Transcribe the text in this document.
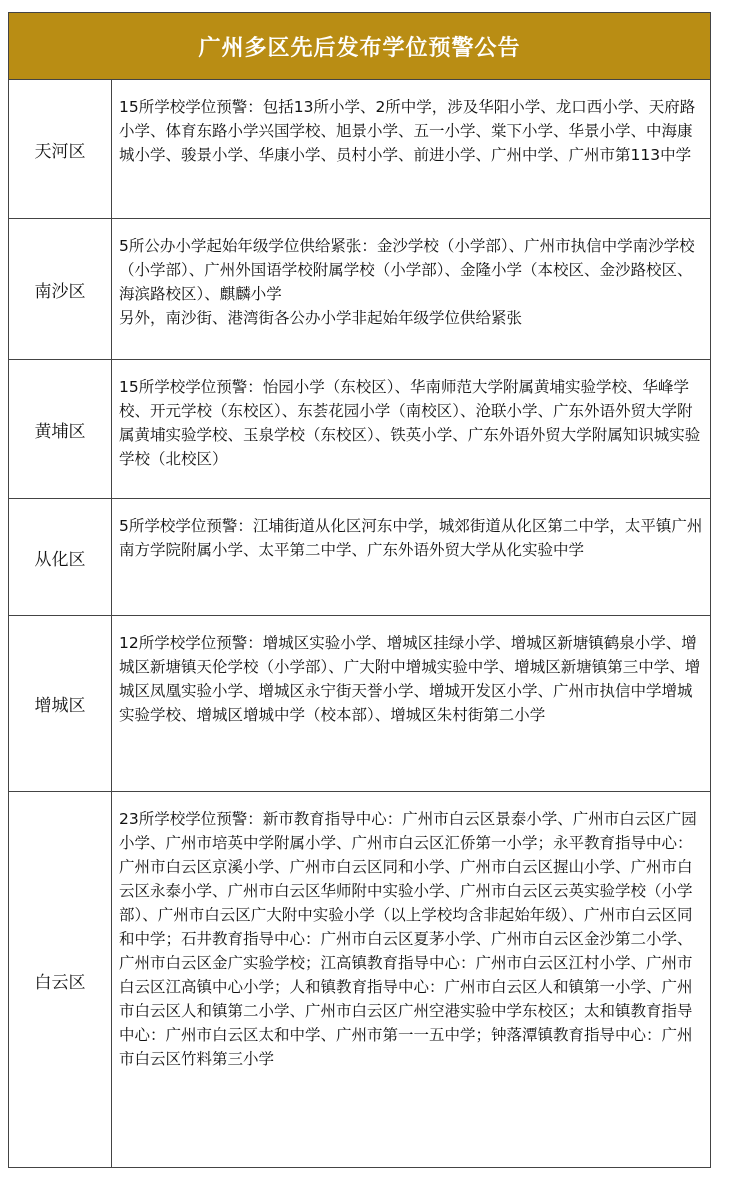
广州多区先后发布学位预警公告
天河区
15所学校学位预警：包括13所小学、2所中学，涉及华阳小学、龙口西小学、天府路小学、体育东路小学兴国学校、旭景小学、五一小学、棠下小学、华景小学、中海康城小学、骏景小学、华康小学、员村小学、前进小学、广州中学、广州市第113中学
南沙区
5所公办小学起始年级学位供给紧张：金沙学校（小学部）、广州市执信中学南沙学校（小学部）、广州外国语学校附属学校（小学部）、金隆小学（本校区、金沙路校区、海滨路校区）、麒麟小学
另外，南沙街、港湾街各公办小学非起始年级学位供给紧张
黄埔区
15所学校学位预警：怡园小学（东校区）、华南师范大学附属黄埔实验学校、华峰学校、开元学校（东校区）、东荟花园小学（南校区）、沧联小学、广东外语外贸大学附属黄埔实验学校、玉泉学校（东校区）、铁英小学、广东外语外贸大学附属知识城实验学校（北校区）
从化区
5所学校学位预警：江埔街道从化区河东中学，城郊街道从化区第二中学，太平镇广州南方学院附属小学、太平第二中学、广东外语外贸大学从化实验中学
增城区
12所学校学位预警：增城区实验小学、增城区挂绿小学、增城区新塘镇鹤泉小学、增城区新塘镇天伦学校（小学部）、广大附中增城实验中学、增城区新塘镇第三中学、增城区凤凰实验小学、增城区永宁街天誉小学、增城开发区小学、广州市执信中学增城实验学校、增城区增城中学（校本部）、增城区朱村街第二小学
白云区
23所学校学位预警：新市教育指导中心：广州市白云区景泰小学、广州市白云区广园小学、广州市培英中学附属小学、广州市白云区汇侨第一小学；永平教育指导中心：广州市白云区京溪小学、广州市白云区同和小学、广州市白云区握山小学、广州市白云区永泰小学、广州市白云区华师附中实验小学、广州市白云区云英实验学校（小学部）、广州市白云区广大附中实验小学（以上学校均含非起始年级）、广州市白云区同和中学；石井教育指导中心：广州市白云区夏茅小学、广州市白云区金沙第二小学、广州市白云区金广实验学校；江高镇教育指导中心：广州市白云区江村小学、广州市白云区江高镇中心小学；人和镇教育指导中心：广州市白云区人和镇第一小学、广州市白云区人和镇第二小学、广州市白云区广州空港实验中学东校区；太和镇教育指导中心：广州市白云区太和中学、广州市第一一五中学；钟落潭镇教育指导中心：广州市白云区竹料第三小学
